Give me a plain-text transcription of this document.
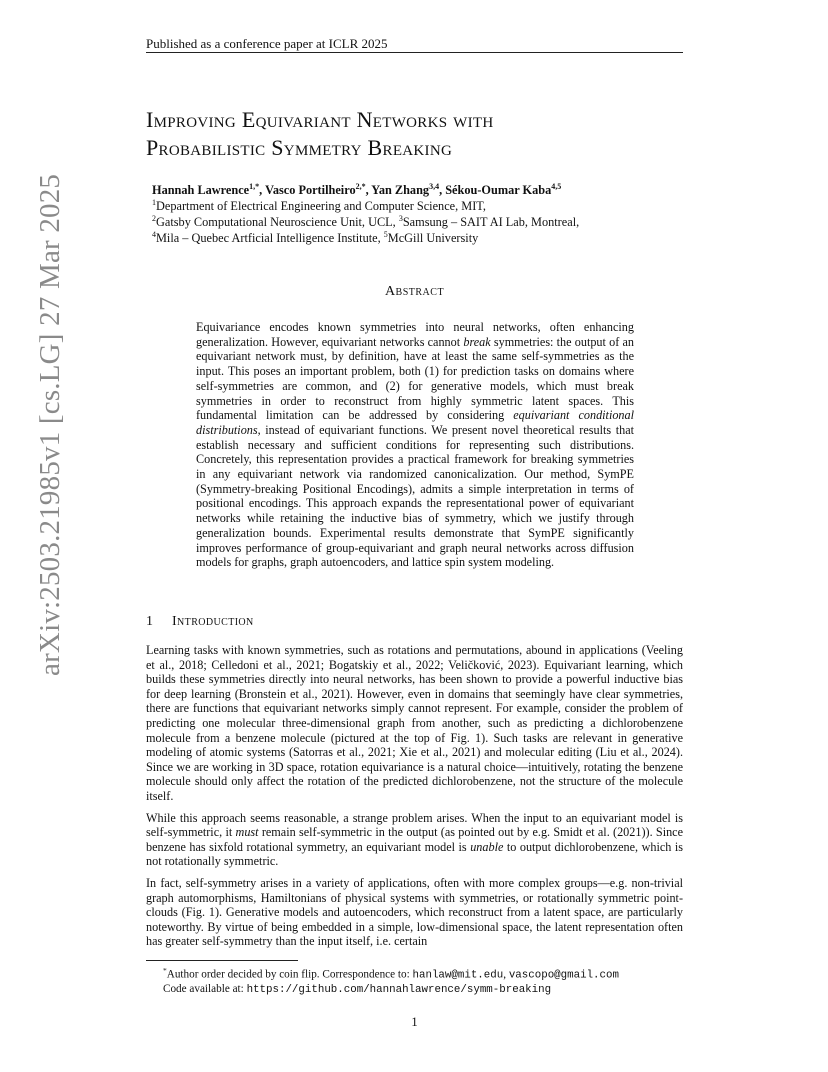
Published as a conference paper at ICLR 2025
arXiv:2503.21985v1 [cs.LG] 27 Mar 2025
Improving Equivariant Networks with
Probabilistic Symmetry Breaking
Hannah Lawrence$^{1,*}$, Vasco Portilheiro$^{2,*}$, Yan Zhang$^{3,4}$, Sékou-Oumar Kaba$^{4,5}$
$^1$Department of Electrical Engineering and Computer Science, MIT,
$^2$Gatsby Computational Neuroscience Unit, UCL, $^3$Samsung – SAIT AI Lab, Montreal,
$^4$Mila – Quebec Artficial Intelligence Institute, $^5$McGill University
Abstract

Equivariance encodes known symmetries into neural networks, often enhancing generalization. However, equivariant networks cannot break symmetries: the output of an equivariant network must, by definition, have at least the same self-symmetries as the input. This poses an important problem, both (1) for prediction tasks on domains where self-symmetries are common, and (2) for generative models, which must break symmetries in order to reconstruct from highly symmetric latent spaces. This fundamental limitation can be addressed by considering equivariant conditional distributions, instead of equivariant functions. We present novel theoretical results that establish necessary and sufficient conditions for representing such distributions. Concretely, this representation provides a practical framework for breaking symmetries in any equivariant network via randomized canonicalization. Our method, SymPE (Symmetry-breaking Positional Encodings), admits a simple interpretation in terms of positional encodings. This approach expands the representational power of equivariant networks while retaining the inductive bias of symmetry, which we justify through generalization bounds. Experimental results demonstrate that SymPE significantly improves performance of group-equivariant and graph neural networks across diffusion models for graphs, graph autoencoders, and lattice spin system modeling.

1 Introduction

Learning tasks with known symmetries, such as rotations and permutations, abound in applications (Veeling et al., 2018; Celledoni et al., 2021; Bogatskiy et al., 2022; Veličković, 2023). Equivariant learning, which builds these symmetries directly into neural networks, has been shown to provide a powerful inductive bias for deep learning (Bronstein et al., 2021). However, even in domains that seemingly have clear symmetries, there are functions that equivariant networks simply cannot represent. For example, consider the problem of predicting one molecular three-dimensional graph from another, such as predicting a dichlorobenzene molecule from a benzene molecule (pictured at the top of Fig. 1). Such tasks are relevant in generative modeling of atomic systems (Satorras et al., 2021; Xie et al., 2021) and molecular editing (Liu et al., 2024). Since we are working in 3D space, rotation equivariance is a natural choice—intuitively, rotating the benzene molecule should only affect the rotation of the predicted dichlorobenzene, not the structure of the molecule itself.

While this approach seems reasonable, a strange problem arises. When the input to an equivariant model is self-symmetric, it must remain self-symmetric in the output (as pointed out by e.g. Smidt et al. (2021)). Since benzene has sixfold rotational symmetry, an equivariant model is unable to output dichlorobenzene, which is not rotationally symmetric.

In fact, self-symmetry arises in a variety of applications, often with more complex groups—e.g. non-trivial graph automorphisms, Hamiltonians of physical systems with symmetries, or rotationally symmetric point-clouds (Fig. 1). Generative models and autoencoders, which reconstruct from a latent space, are particularly noteworthy. By virtue of being embedded in a simple, low-dimensional space, the latent representation often has greater self-symmetry than the input itself, i.e. certain

*Author order decided by coin flip. Correspondence to: hanlaw@mit.edu, vascopo@gmail.com
Code available at: https://github.com/hannahlawrence/symm-breaking
1
